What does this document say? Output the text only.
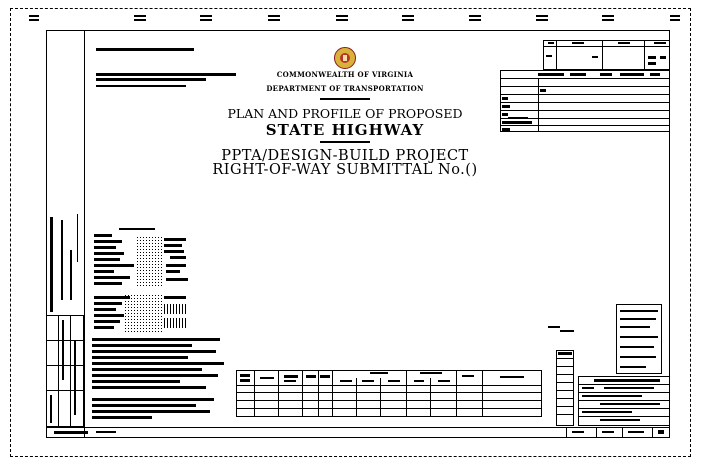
COMMONWEALTH OF VIRGINIA
DEPARTMENT OF TRANSPORTATION
PLAN AND PROFILE OF PROPOSED
STATE HIGHWAY
PPTA/DESIGN-BUILD PROJECT
RIGHT-OF-WAY SUBMITTAL No.()
